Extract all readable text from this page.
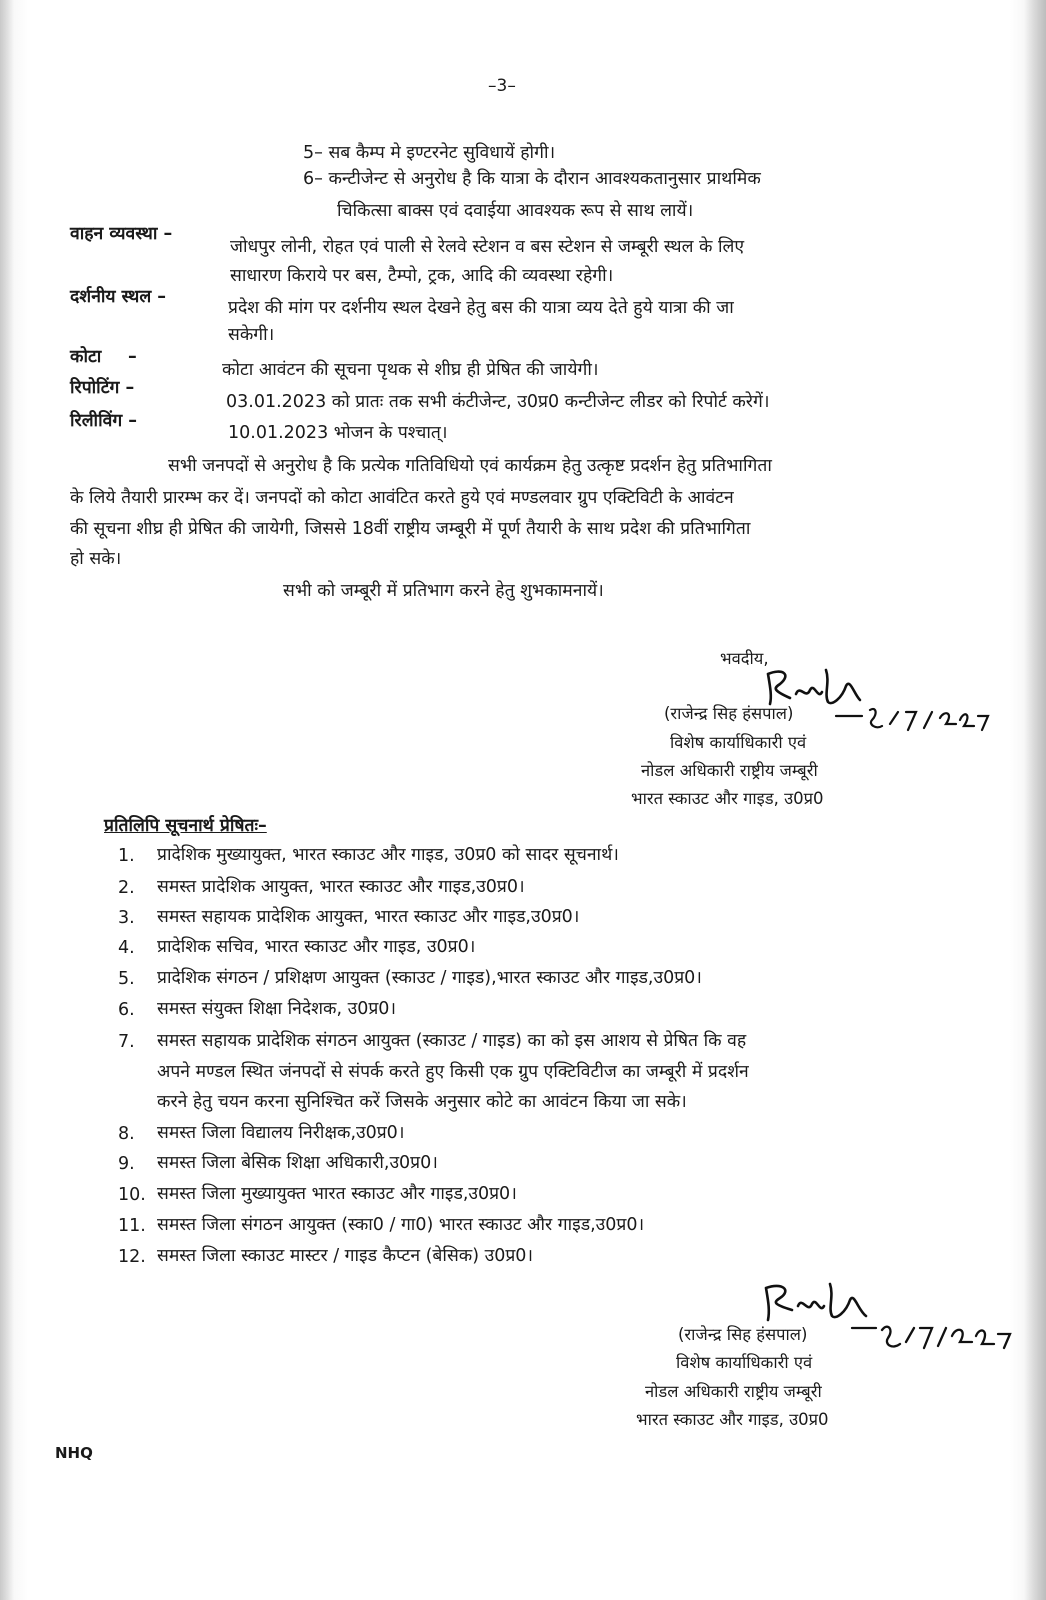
–3–
5– सब कैम्प मे इण्टरनेट सुविधायें होगी।
6– कन्टीजेन्ट से अनुरोध है कि यात्रा के दौरान आवश्यकतानुसार प्राथमिक
चिकित्सा बाक्स एवं दवाईया आवश्यक रूप से साथ लायें।
वाहन व्यवस्था –
जोधपुर लोनी, रोहत एवं पाली से रेलवे स्टेशन व बस स्टेशन से जम्बूरी स्थल के लिए
साधारण किराये पर बस, टैम्पो, ट्रक, आदि की व्यवस्था रहेगी।
दर्शनीय स्थल –
प्रदेश की मांग पर दर्शनीय स्थल देखने हेतु बस की यात्रा व्यय देते हुये यात्रा की जा
सकेगी।
कोटा –
कोटा आवंटन की सूचना पृथक से शीघ्र ही प्रेषित की जायेगी।
रिपोटिंग –
03.01.2023 को प्रातः तक सभी कंटीजेन्ट, उ0प्र0 कन्टीजेन्ट लीडर को रिपोर्ट करेगें।
रिलीविंग –
10.01.2023 भोजन के पश्चात्।
सभी जनपदों से अनुरोध है कि प्रत्येक गतिविधियो एवं कार्यक्रम हेतु उत्कृष्ट प्रदर्शन हेतु प्रतिभागिता
के लिये तैयारी प्रारम्भ कर दें। जनपदों को कोटा आवंटित करते हुये एवं मण्डलवार ग्रुप एक्टिविटी के आवंटन
की सूचना शीघ्र ही प्रेषित की जायेगी, जिससे 18वीं राष्ट्रीय जम्बूरी में पूर्ण तैयारी के साथ प्रदेश की प्रतिभागिता
हो सके।
सभी को जम्बूरी में प्रतिभाग करने हेतु शुभकामनायें।
भवदीय,
(राजेन्द्र सिह हंसपाल)
विशेष कार्याधिकारी एवं
नोडल अधिकारी राष्ट्रीय जम्बूरी
भारत स्काउट और गाइड, उ0प्र0
प्रतिलिपि सूचनार्थ प्रेषितः–
1. प्रादेशिक मुख्यायुक्त, भारत स्काउट और गाइड, उ0प्र0 को सादर सूचनार्थ।
2. समस्त प्रादेशिक आयुक्त, भारत स्काउट और गाइड,उ0प्र0।
3. समस्त सहायक प्रादेशिक आयुक्त, भारत स्काउट और गाइड,उ0प्र0।
4. प्रादेशिक सचिव, भारत स्काउट और गाइड, उ0प्र0।
5. प्रादेशिक संगठन / प्रशिक्षण आयुक्त (स्काउट / गाइड),भारत स्काउट और गाइड,उ0प्र0।
6. समस्त संयुक्त शिक्षा निदेशक, उ0प्र0।
7. समस्त सहायक प्रादेशिक संगठन आयुक्त (स्काउट / गाइड) का को इस आशय से प्रेषित कि वह
अपने मण्डल स्थित जंनपदों से संपर्क करते हुए किसी एक ग्रुप एक्टिविटीज का जम्बूरी में प्रदर्शन
करने हेतु चयन करना सुनिश्चित करें जिसके अनुसार कोटे का आवंटन किया जा सके।
8. समस्त जिला विद्यालय निरीक्षक,उ0प्र0।
9. समस्त जिला बेसिक शिक्षा अधिकारी,उ0प्र0।
10. समस्त जिला मुख्यायुक्त भारत स्काउट और गाइड,उ0प्र0।
11. समस्त जिला संगठन आयुक्त (स्का0 / गा0) भारत स्काउट और गाइड,उ0प्र0।
12. समस्त जिला स्काउट मास्टर / गाइड कैप्टन (बेसिक) उ0प्र0।
(राजेन्द्र सिह हंसपाल)
विशेष कार्याधिकारी एवं
नोडल अधिकारी राष्ट्रीय जम्बूरी
भारत स्काउट और गाइड, उ0प्र0
NHQ
